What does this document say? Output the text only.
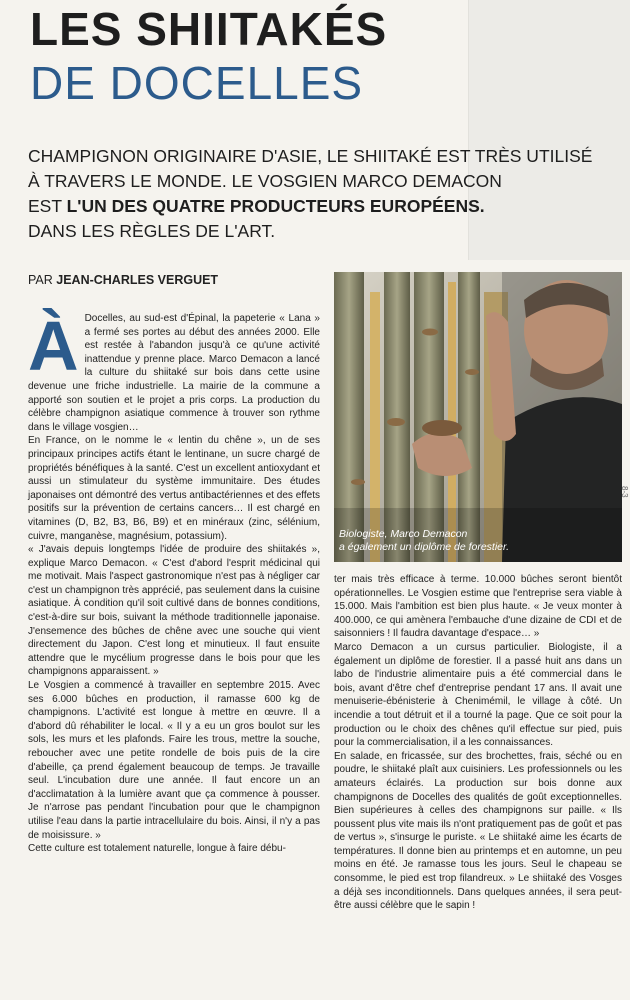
LES SHIITAKÉS
DE DOCELLES
CHAMPIGNON ORIGINAIRE D'ASIE, LE SHIITAKÉ EST TRÈS UTILISÉ
À TRAVERS LE MONDE. LE VOSGIEN MARCO DEMACON
EST L'UN DES QUATRE PRODUCTEURS EUROPÉENS.
DANS LES RÈGLES DE L'ART.
PAR JEAN-CHARLES VERGUET

À Docelles, au sud-est d'Épinal, la papeterie « Lana » a fermé ses portes au début des années 2000. Elle est restée à l'abandon jusqu'à ce qu'une activité inattendue y prenne place. Marco Demacon a lancé la culture du shiitaké sur bois dans cette usine devenue une friche industrielle. La mairie de la commune a apporté son soutien et le projet a pris corps. La production du célèbre champignon asiatique commence à trouver son rythme dans le village vosgien…

En France, on le nomme le « lentin du chêne », un de ses principaux principes actifs étant le lentinane, un sucre chargé de propriétés bénéfiques à la santé. C'est un excellent antioxydant et aussi un stimulateur du système immunitaire. Des études japonaises ont démontré des vertus antibactériennes et des effets positifs sur la prévention de certains cancers… Il est chargé en vitamines (D, B2, B3, B6, B9) et en minéraux (zinc, sélénium, cuivre, manganèse, magnésium, potassium).

« J'avais depuis longtemps l'idée de produire des shiitakés », explique Marco Demacon. « C'est d'abord l'esprit médicinal qui me motivait. Mais l'aspect gastronomique n'est pas à négliger car c'est un champignon très apprécié, pas seulement dans la cuisine asiatique. À condition qu'il soit cultivé dans de bonnes conditions, c'est-à-dire sur bois, suivant la méthode traditionnelle japonaise. J'ensemence des bûches de chêne avec une souche qui vient directement du Japon. C'est long et minutieux. Il faut ensuite attendre que le mycélium progresse dans le bois pour que les champignons apparaissent. »

Le Vosgien a commencé à travailler en septembre 2015. Avec ses 6.000 bûches en production, il ramasse 600 kg de champignons. L'activité est longue à mettre en œuvre. Il a d'abord dû réhabiliter le local. « Il y a eu un gros boulot sur les sols, les murs et les plafonds. Faire les trous, mettre la souche, reboucher avec une petite rondelle de bois puis de la cire d'abeille, ça prend également beaucoup de temps. Je travaille seul. L'incubation dure une année. Il faut encore un an d'acclimatation à la lumière avant que ça commence à pousser. Je n'arrose pas pendant l'incubation pour que le champignon utilise l'eau dans la partie intracellulaire du bois. Ainsi, il n'y a pas de moisissure. »

Cette culture est totalement naturelle, longue à faire débu-

Biologiste, Marco Demacon
a également un diplôme de forestier.
8-3

ter mais très efficace à terme. 10.000 bûches seront bientôt opérationnelles. Le Vosgien estime que l'entreprise sera viable à 15.000. Mais l'ambition est bien plus haute. « Je veux monter à 400.000, ce qui amènera l'embauche d'une dizaine de CDI et de saisonniers ! Il faudra davantage d'espace… »

Marco Demacon a un cursus particulier. Biologiste, il a également un diplôme de forestier. Il a passé huit ans dans un labo de l'industrie alimentaire puis a été commercial dans le bois, avant d'être chef d'entreprise pendant 17 ans. Il avait une menuiserie-ébénisterie à Chenimémil, le village à côté. Un incendie a tout détruit et il a tourné la page. Que ce soit pour la production ou le choix des chênes qu'il effectue sur pied, puis pour la commercialisation, il a les connaissances.

En salade, en fricassée, sur des brochettes, frais, séché ou en poudre, le shiitaké plaît aux cuisiniers. Les professionnels ou les amateurs éclairés. La production sur bois donne aux champignons de Docelles des qualités de goût exceptionnelles. Bien supérieures à celles des champignons sur paille. « Ils poussent plus vite mais ils n'ont pratiquement pas de goût et pas de vertus », s'insurge le puriste. « Le shiitaké aime les écarts de températures. Il donne bien au printemps et en automne, un peu moins en été. Je ramasse tous les jours. Seul le chapeau se consomme, le pied est trop filandreux. » Le shiitaké des Vosges a déjà ses inconditionnels. Dans quelques années, il sera peut-être aussi célèbre que le sapin !
